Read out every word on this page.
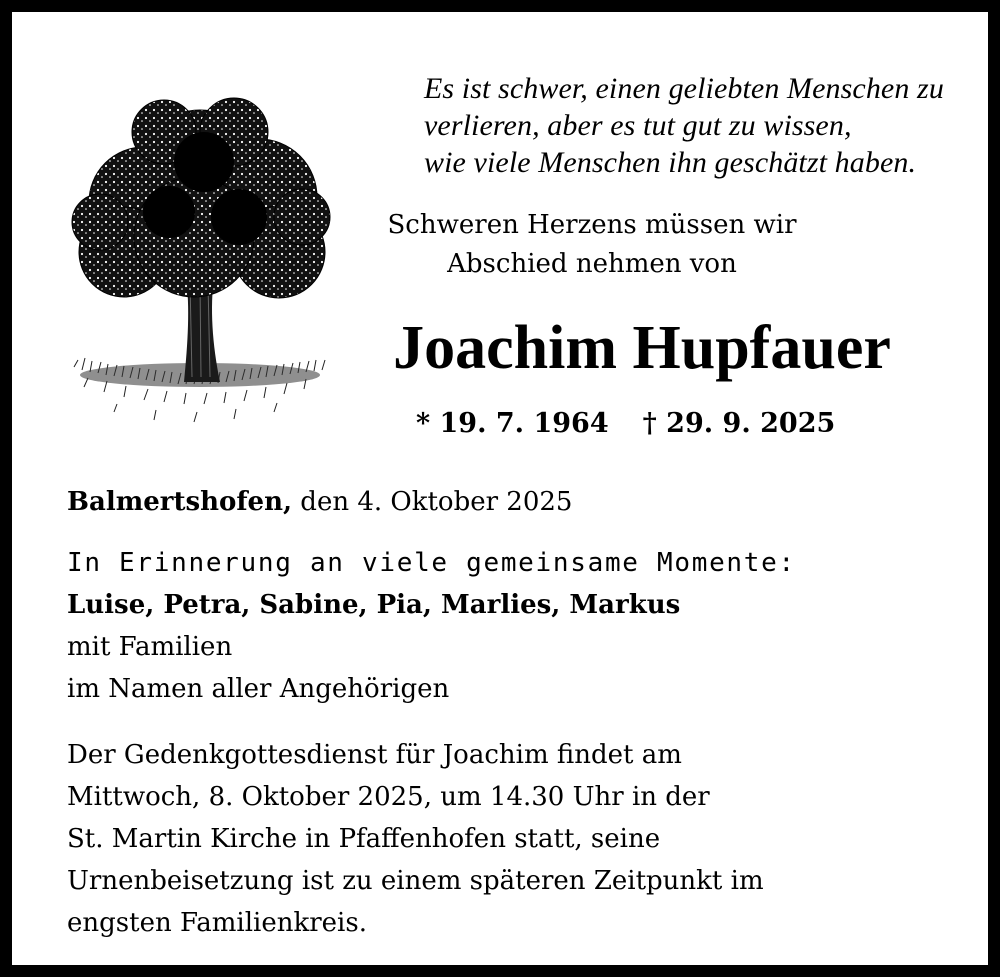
Es ist schwer, einen geliebten Menschen zu
verlieren, aber es tut gut zu wissen,
wie viele Menschen ihn geschätzt haben.
Schweren Herzens müssen wir
Abschied nehmen von
Joachim Hupfauer
* 19. 7. 1964 † 29. 9. 2025
Balmertshofen, den 4. Oktober 2025
In Erinnerung an viele gemeinsame Momente:
Luise, Petra, Sabine, Pia, Marlies, Markus
mit Familien
im Namen aller Angehörigen
Der Gedenkgottesdienst für Joachim findet am
Mittwoch, 8. Oktober 2025, um 14.30 Uhr in der
St. Martin Kirche in Pfaffenhofen statt, seine
Urnenbeisetzung ist zu einem späteren Zeitpunkt im
engsten Familienkreis.
